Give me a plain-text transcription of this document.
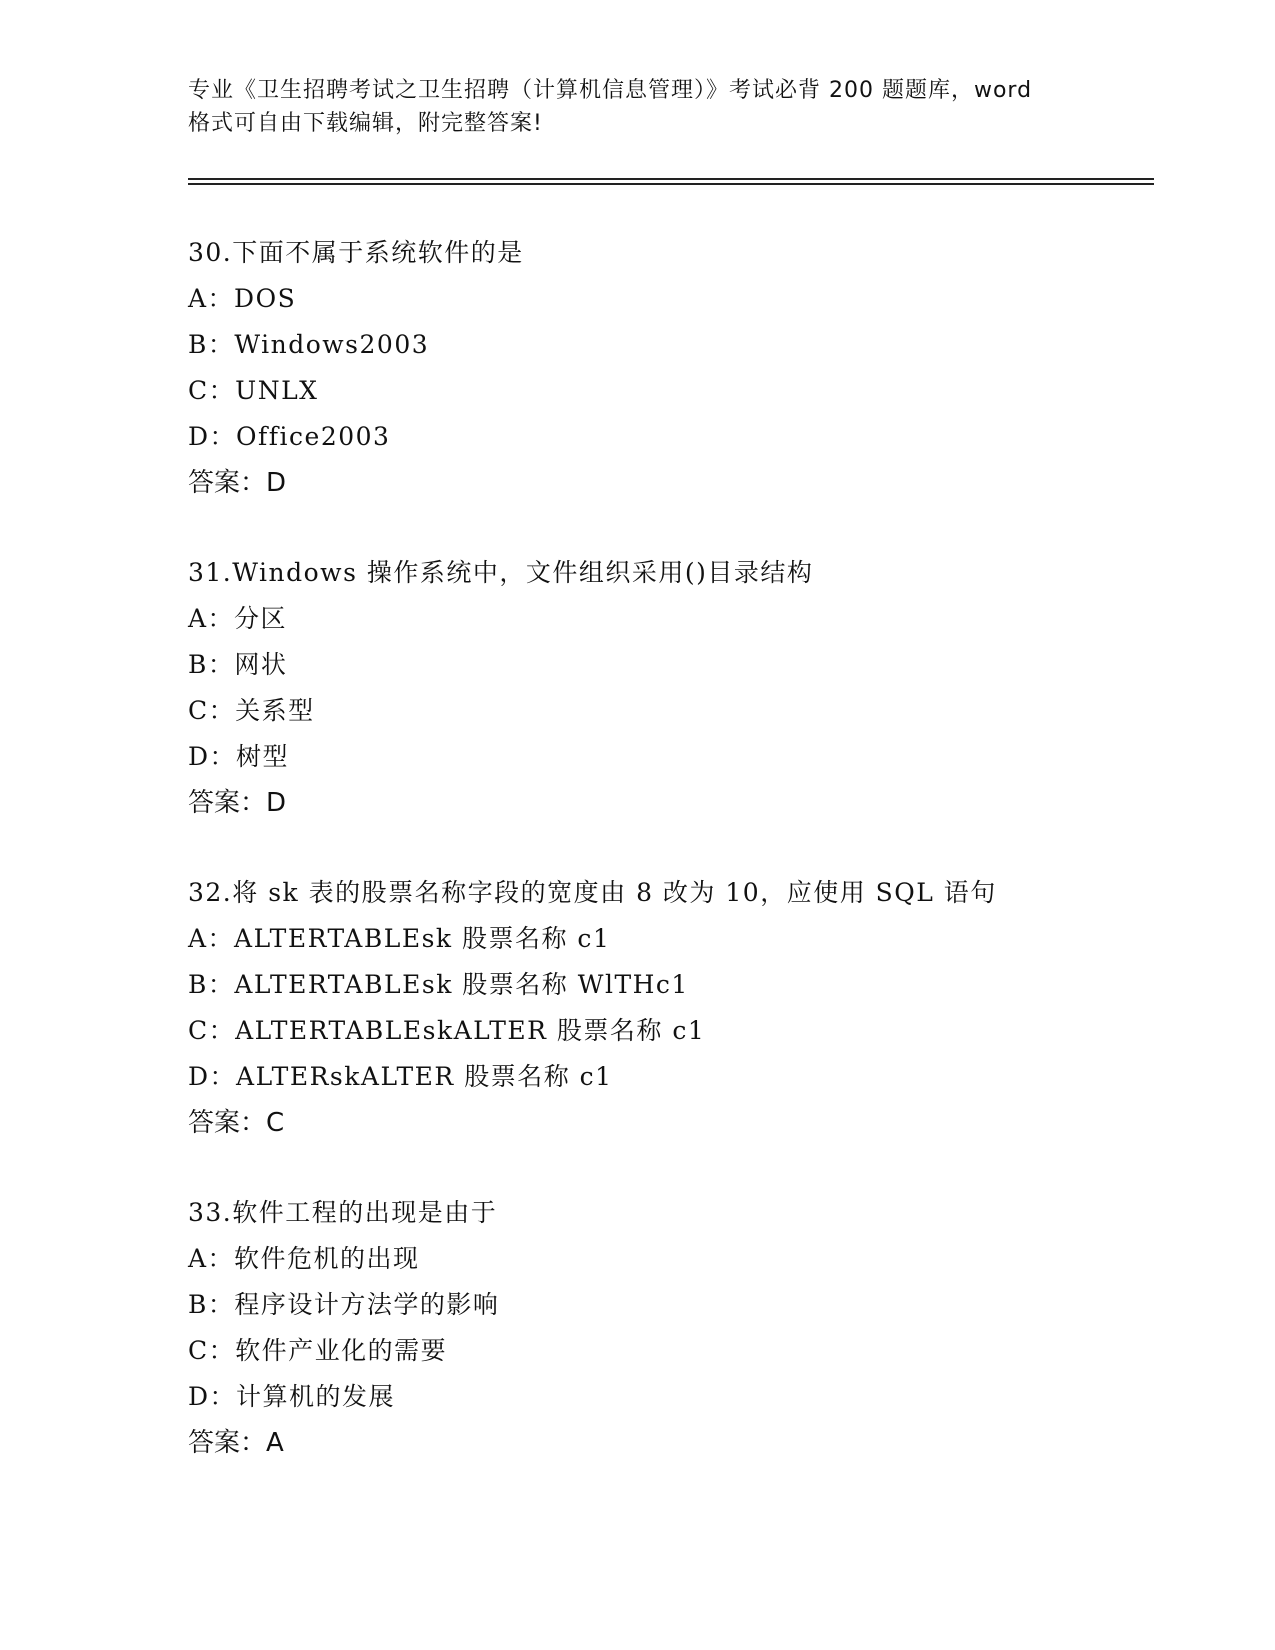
专业《卫生招聘考试之卫生招聘（计算机信息管理）》考试必背 200 题题库，word
格式可自由下载编辑，附完整答案!
30.下面不属于系统软件的是
A：DOS
B：Windows2003
C：UNLX
D：Office2003
答案：D
31.Windows 操作系统中，文件组织采用()目录结构
A：分区
B：网状
C：关系型
D：树型
答案：D
32.将 sk 表的股票名称字段的宽度由 8 改为 10，应使用 SQL 语句
A：ALTERTABLEsk 股票名称 c1
B：ALTERTABLEsk 股票名称 WlTHc1
C：ALTERTABLEskALTER 股票名称 c1
D：ALTERskALTER 股票名称 c1
答案：C
33.软件工程的出现是由于
A：软件危机的出现
B：程序设计方法学的影响
C：软件产业化的需要
D：计算机的发展
答案：A
